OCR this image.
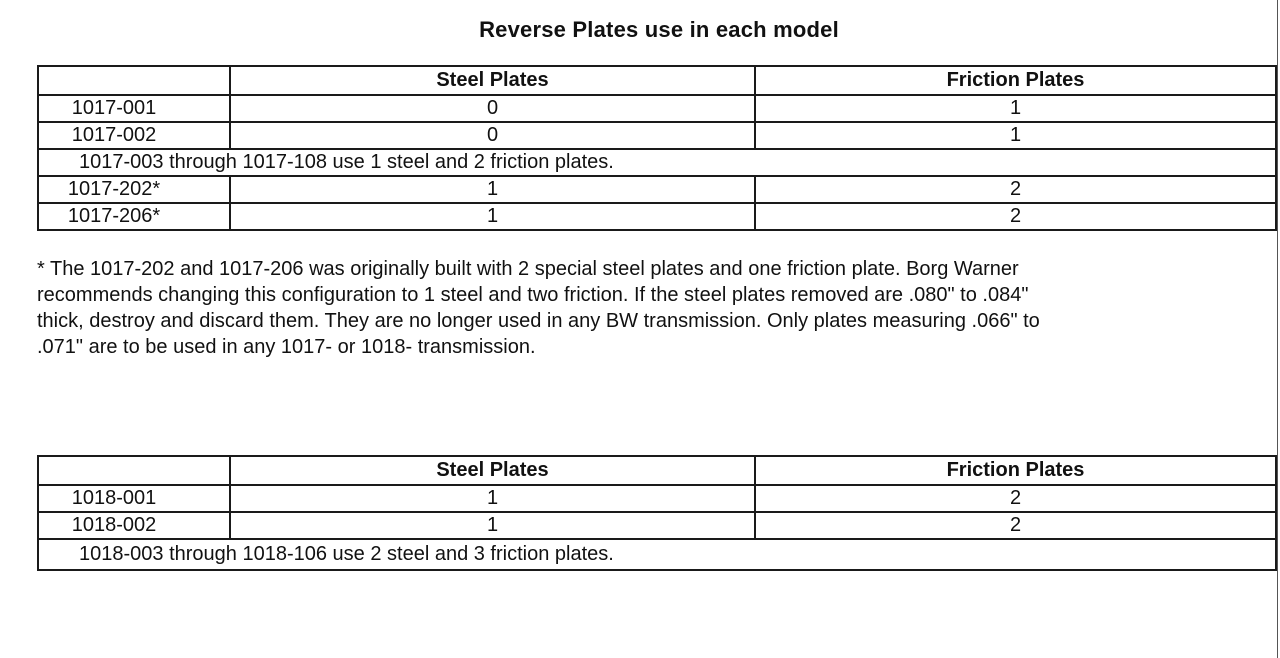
Reverse Plates use in each model
	Steel Plates	Friction Plates
1017-001	0	1
1017-002	0	1
1017-003 through 1017-108 use 1 steel and 2 friction plates.		
1017-202*	1	2
1017-206*	1	2
* The 1017-202 and 1017-206 was originally built with 2 special steel plates and one friction plate. Borg Warner
recommends changing this configuration to 1 steel and two friction. If the steel plates removed are .080" to .084"
thick, destroy and discard them. They are no longer used in any BW transmission. Only plates measuring .066" to
.071" are to be used in any 1017- or 1018- transmission.
	Steel Plates	Friction Plates
1018-001	1	2
1018-002	1	2
1018-003 through 1018-106 use 2 steel and 3 friction plates.		
